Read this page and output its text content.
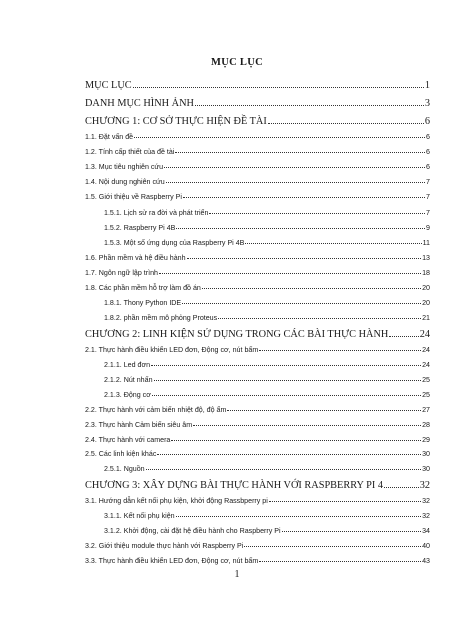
MỤC LỤC
MỤC LỤC	1
DANH MỤC HÌNH ẢNH	3
CHƯƠNG 1: CƠ SỞ THỰC HIỆN ĐỀ TÀI	6
1.1. Đặt vấn đề	6
1.2. Tính cấp thiết của đề tài	6
1.3. Mục tiêu nghiên cứu	6
1.4. Nội dung nghiên cứu	7
1.5. Giới thiệu về Raspberry Pi	7
1.5.1. Lịch sử ra đời và phát triển	7
1.5.2. Raspberry Pi 4B	9
1.5.3. Một số ứng dụng của Raspberry Pi 4B	11
1.6. Phần mềm và hệ điều hành	13
1.7. Ngôn ngữ lập trình	18
1.8. Các phần mềm hỗ trợ làm đồ án	20
1.8.1. Thony Python IDE	20
1.8.2. phần mềm mô phỏng Proteus	21
CHƯƠNG 2: LINH KIỆN SỬ DỤNG TRONG CÁC BÀI THỰC HÀNH	24
2.1. Thực hành điều khiển LED đơn, Động cơ, nút bấm	24
2.1.1. Led đơn	24
2.1.2. Nút nhấn	25
2.1.3. Động cơ	25
2.2. Thực hành với cảm biến nhiệt độ, độ ẩm	27
2.3. Thực hành Cảm biến siêu âm	28
2.4. Thực hành với camera	29
2.5. Các linh kiện khác	30
2.5.1. Nguồn	30
CHƯƠNG 3: XÂY DỰNG BÀI THỰC HÀNH VỚI RASPBERRY PI 4	32
3.1. Hướng dẫn kết nối phụ kiện, khởi động Rassbperry pi	32
3.1.1. Kết nối phụ kiện	32
3.1.2. Khởi động, cài đặt hệ điều hành cho Raspberry Pi	34
3.2. Giới thiệu module thực hành với Raspberry Pi	40
3.3. Thực hành điều khiển LED đơn, Động cơ, nút bấm	43
1
